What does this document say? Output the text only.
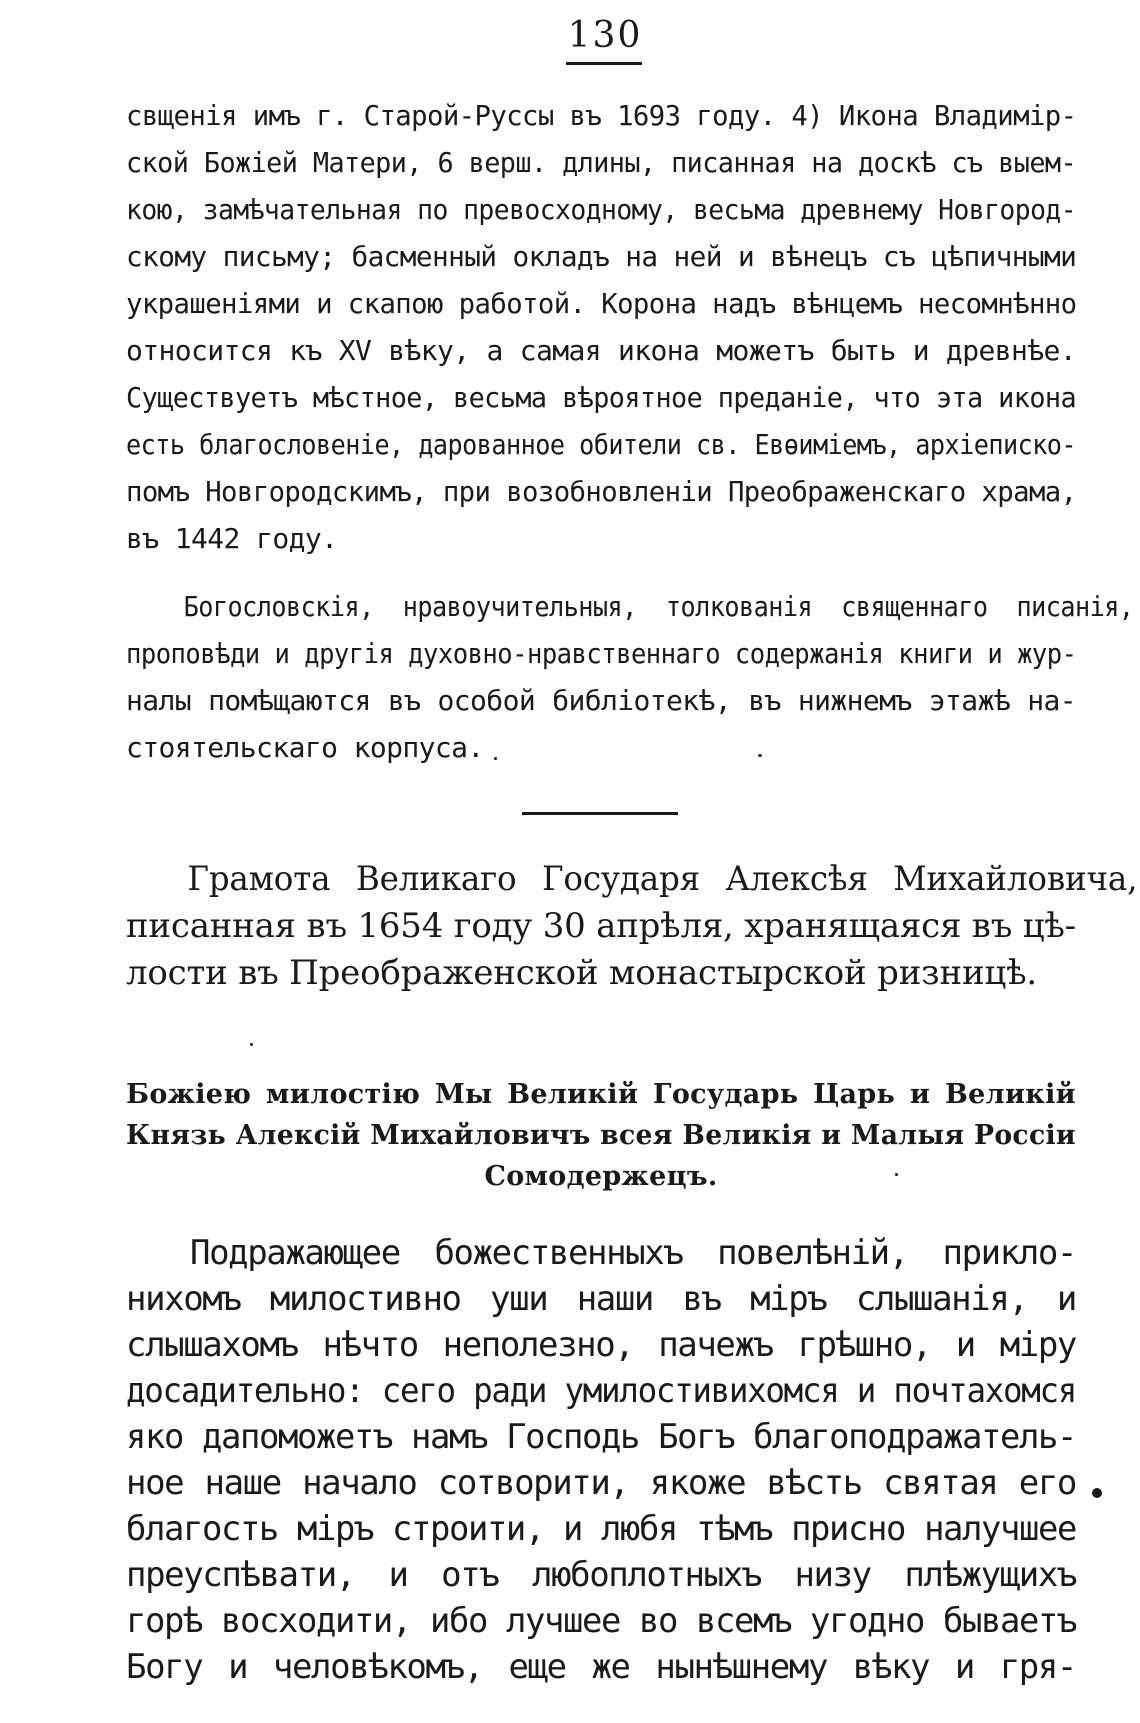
130
свщенія имъ г. Старой-Руссы въ 1693 году. 4) Икона Владимір-
ской Божіей Матери, 6 верш. длины, писанная на доскѣ съ выем-
кою, замѣчательная по превосходному, весьма древнему Новгород-
скому письму; басменный окладъ на ней и вѣнецъ съ цѣпичными
украшеніями и скапою работой. Корона надъ вѣнцемъ несомнѣнно
относится къ XV вѣку, а самая икона можетъ быть и древнѣе.
Существуетъ мѣстное, весьма вѣроятное преданіе, что эта икона
есть благословеніе, дарованное обители св. Евѳиміемъ, архіеписко-
помъ Новгородскимъ, при возобновленіи Преображенскаго храма,
въ 1442 году.
Богословскія, нравоучительныя, толкованія священнаго писанія,
проповѣди и другія духовно-нравственнаго содержанія книги и жур-
налы помѣщаются въ особой библіотекѣ, въ нижнемъ этажѣ на-
стоятельскаго корпуса.
Грамота Великаго Государя Алексѣя Михайловича,
писанная въ 1654 году 30 апрѣля, хранящаяся въ цѣ-
лости въ Преображенской монастырской ризницѣ.
Божіею милостію Мы Великій Государь Царь и Великій
Князь Алексій Михайловичъ всея Великія и Малыя Россіи
Сомодержецъ.
Подражающее божественныхъ повелѣній, прикло-
нихомъ милостивно уши наши въ міръ слышанія, и
слышахомъ нѣчто неполезно, пачежъ грѣшно, и міру
досадительно: сего ради умилостивихомся и почтахомся
яко дапоможетъ намъ Господь Богъ благоподражатель-
ное наше начало сотворити, якоже вѣсть святая его
благость міръ строити, и любя тѣмъ присно налучшее
преуспѣвати, и отъ любоплотныхъ низу плѣжущихъ
горѣ восходити, ибо лучшее во всемъ угодно бываетъ
Богу и человѣкомъ, еще же нынѣшнему вѣку и гря-
